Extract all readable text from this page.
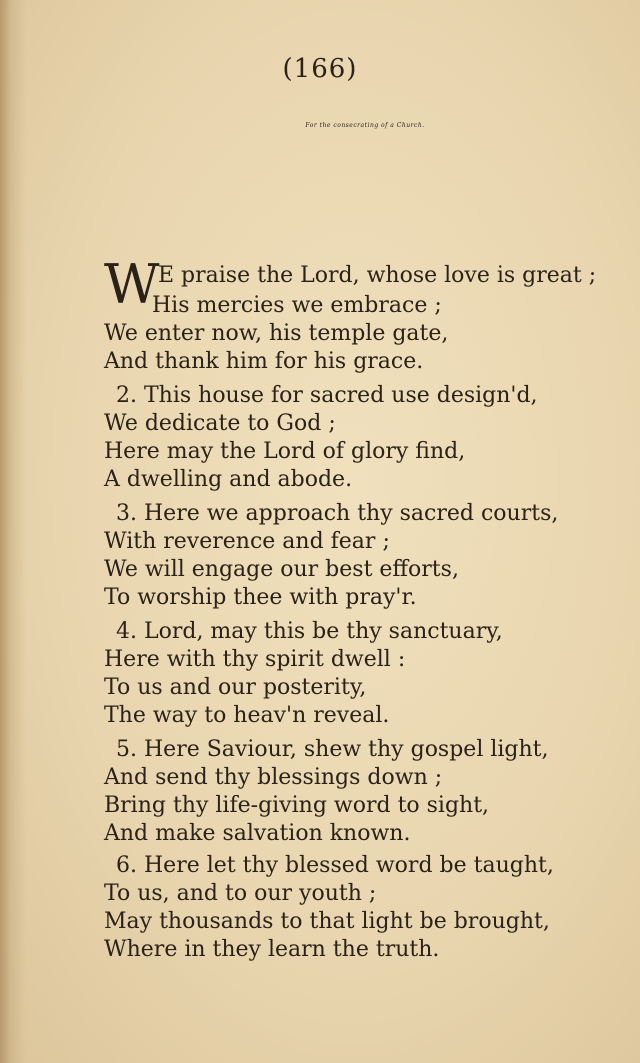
(166)
For the consecrating of a Church.
W
E praise the Lord, whose love is great ;
His mercies we embrace ;
We enter now, his temple gate,
And thank him for his grace.
2. This house for sacred use design'd,
We dedicate to God ;
Here may the Lord of glory find,
A dwelling and abode.
3. Here we approach thy sacred courts,
With reverence and fear ;
We will engage our best efforts,
To worship thee with pray'r.
4. Lord, may this be thy sanctuary,
Here with thy spirit dwell :
To us and our posterity,
The way to heav'n reveal.
5. Here Saviour, shew thy gospel light,
And send thy blessings down ;
Bring thy life-giving word to sight,
And make salvation known.
6. Here let thy blessed word be taught,
To us, and to our youth ;
May thousands to that light be brought,
Where in they learn the truth.
